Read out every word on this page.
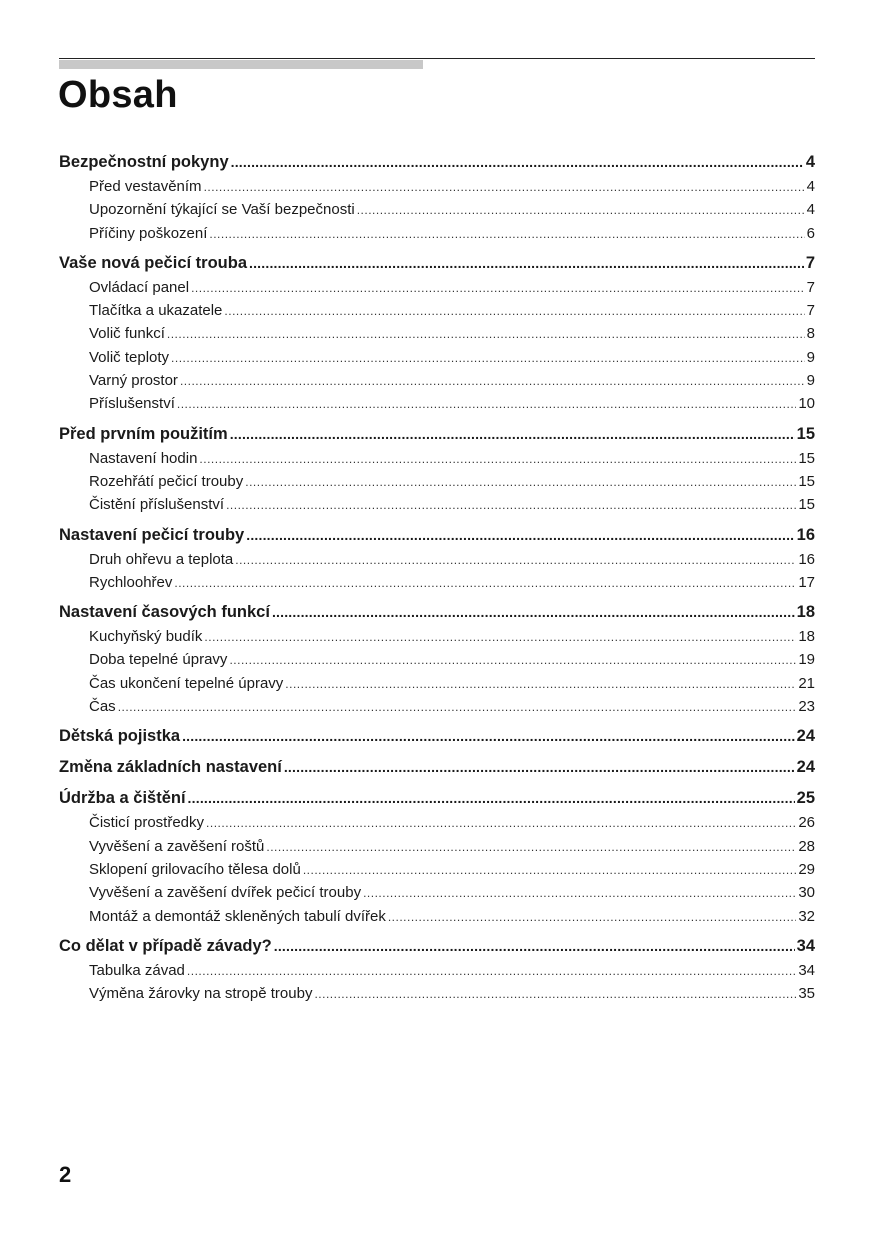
Obsah
Bezpečnostní pokyny .....	4
Před vestavěním .....	4
Upozornění týkající se Vaší bezpečnosti .....	4
Příčiny poškození .....	6
Vaše nová pečicí trouba .....	7
Ovládací panel .....	7
Tlačítka a ukazatele .....	7
Volič funkcí .....	8
Volič teploty .....	9
Varný prostor .....	9
Příslušenství .....	10
Před prvním použitím .....	15
Nastavení hodin .....	15
Rozehřátí pečicí trouby .....	15
Čistění příslušenství .....	15
Nastavení pečicí trouby .....	16
Druh ohřevu a teplota .....	16
Rychloohřev .....	17
Nastavení časových funkcí .....	18
Kuchyňský budík .....	18
Doba tepelné úpravy .....	19
Čas ukončení tepelné úpravy .....	21
Čas .....	23
Dětská pojistka .....	24
Změna základních nastavení .....	24
Údržba a čištění .....	25
Čisticí prostředky .....	26
Vyvěšení a zavěšení roštů .....	28
Sklopení grilovacího tělesa dolů .....	29
Vyvěšení a zavěšení dvířek pečicí trouby .....	30
Montáž a demontáž skleněných tabulí dvířek .....	32
Co dělat v případě závady? .....	34
Tabulka závad .....	34
Výměna žárovky na stropě trouby .....	35
2
